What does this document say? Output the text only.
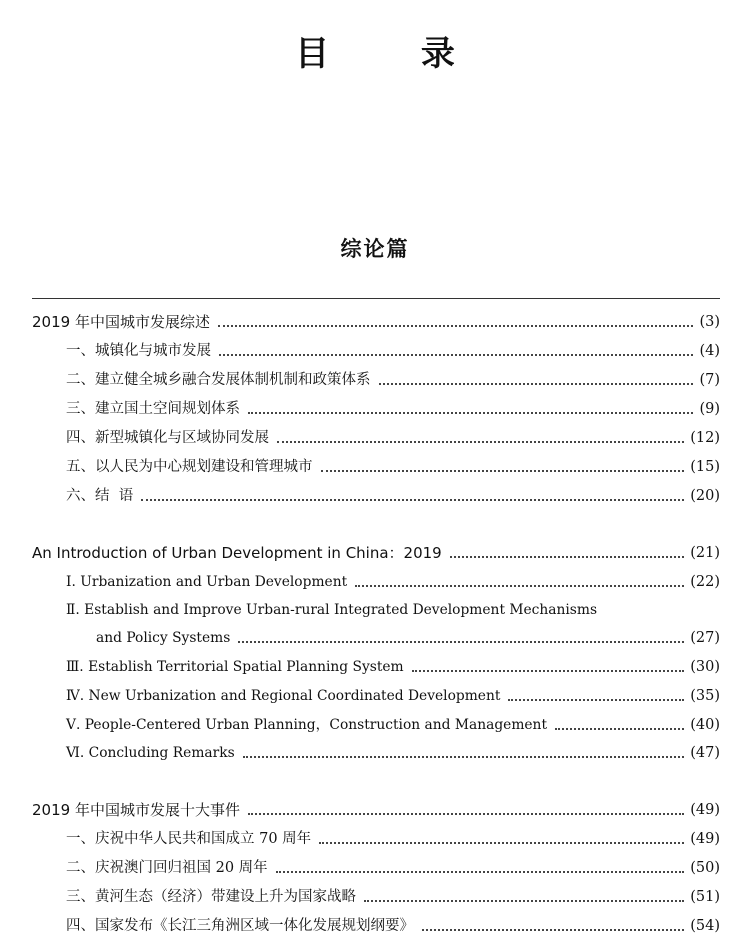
目 录
综论篇
2019 年中国城市发展综述	(3)
一、城镇化与城市发展	(4)
二、建立健全城乡融合发展体制机制和政策体系	(7)
三、建立国土空间规划体系	(9)
四、新型城镇化与区域协同发展	(12)
五、以人民为中心规划建设和管理城市	(15)
六、结  语	(20)
An Introduction of Urban Development in China：2019	(21)
Ⅰ. Urbanization and Urban Development	(22)
Ⅱ. Establish and Improve Urban-rural Integrated Development Mechanisms
and Policy Systems	(27)
Ⅲ. Establish Territorial Spatial Planning System	(30)
Ⅳ. New Urbanization and Regional Coordinated Development	(35)
Ⅴ. People-Centered Urban Planning，Construction and Management	(40)
Ⅵ. Concluding Remarks	(47)
2019 年中国城市发展十大事件	(49)
一、庆祝中华人民共和国成立 70 周年	(49)
二、庆祝澳门回归祖国 20 周年	(50)
三、黄河生态（经济）带建设上升为国家战略	(51)
四、国家发布《长江三角洲区域一体化发展规划纲要》	(54)
